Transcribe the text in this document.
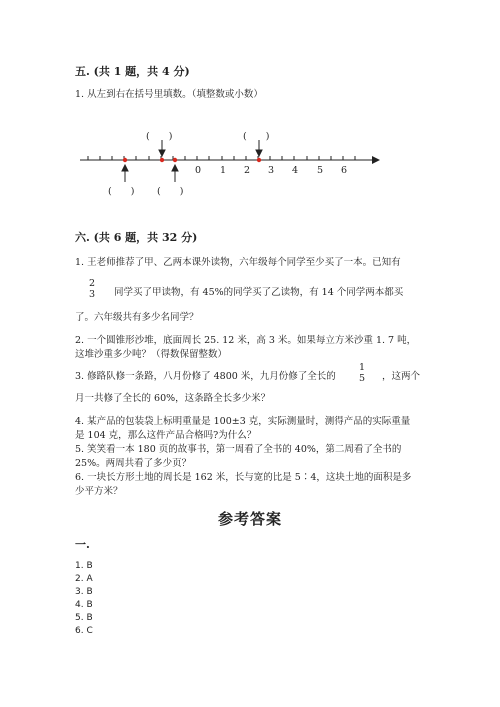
五. (共 1 题，共 4 分)
1. 从左到右在括号里填数。（填整数或小数）
0 1 2 3 4 5 6
(　　)	(　　)
(　　) (　　)
六. (共 6 题，共 32 分)
1. 王老师推荐了甲、乙两本课外读物，六年级每个同学至少买了一本。已知有
2
3	同学买了甲读物，有 45%的同学买了乙读物，有 14 个同学两本都买
了。六年级共有多少名同学？
2. 一个圆锥形沙堆，底面周长 25. 12 米，高 3 米。如果每立方米沙重 1. 7 吨，
这堆沙重多少吨？（得数保留整数）
3. 修路队修一条路，八月份修了 4800 米，九月份修了全长的
1
5	，这两个
月一共修了全长的 60%，这条路全长多少米？
4. 某产品的包装袋上标明重量是 100±3 克，实际测量时，测得产品的实际重量
是 104 克，那么这件产品合格吗?为什么？
5. 笑笑看一本 180 页的故事书，第一周看了全书的 40%，第二周看了全书的
25%。两周共看了多少页？
6. 一块长方形土地的周长是 162 米，长与宽的比是 5∶4，这块土地的面积是多
少平方米？
参考答案
一.
1. B
2. A
3. B
4. B
5. B
6. C
